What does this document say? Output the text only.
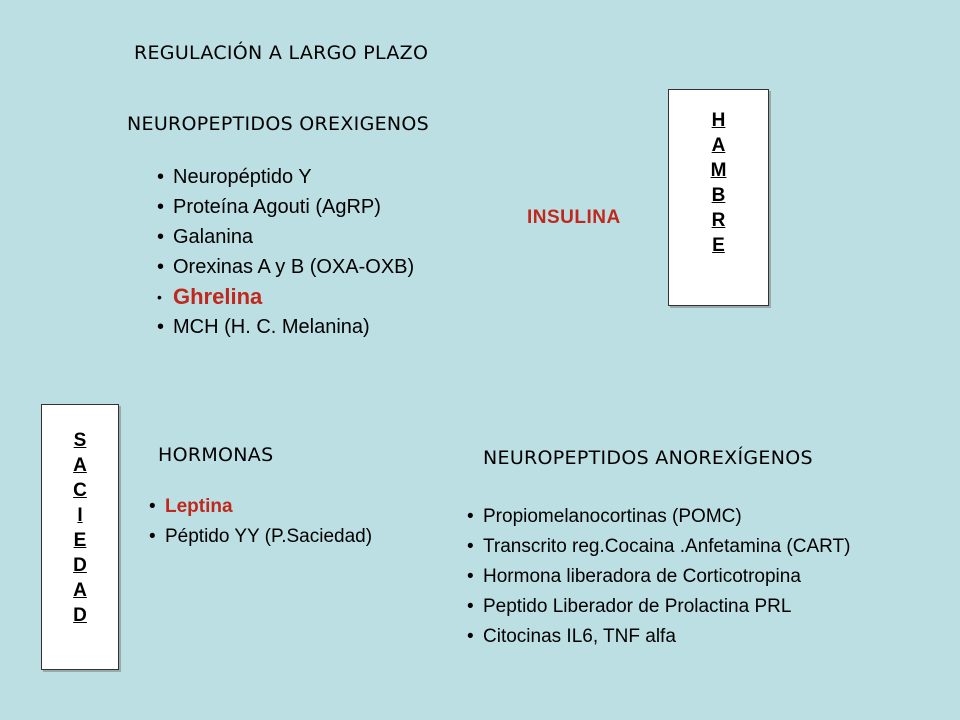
REGULACIÓN A LARGO PLAZO
NEUROPEPTIDOS OREXIGENOS
• Neuropéptido Y
• Proteína Agouti (AgRP)
• Galanina
• Orexinas A y B (OXA-OXB)
• Ghrelina
• MCH (H. C. Melanina)
INSULINA
H
A
M
B
R
E
S
A
C
I
E
D
A
D
HORMONAS
• Leptina
• Péptido YY (P.Saciedad)
NEUROPEPTIDOS ANOREXÍGENOS
• Propiomelanocortinas (POMC)
• Transcrito reg.Cocaina .Anfetamina (CART)
• Hormona liberadora de Corticotropina
• Peptido Liberador de Prolactina PRL
• Citocinas IL6, TNF alfa
